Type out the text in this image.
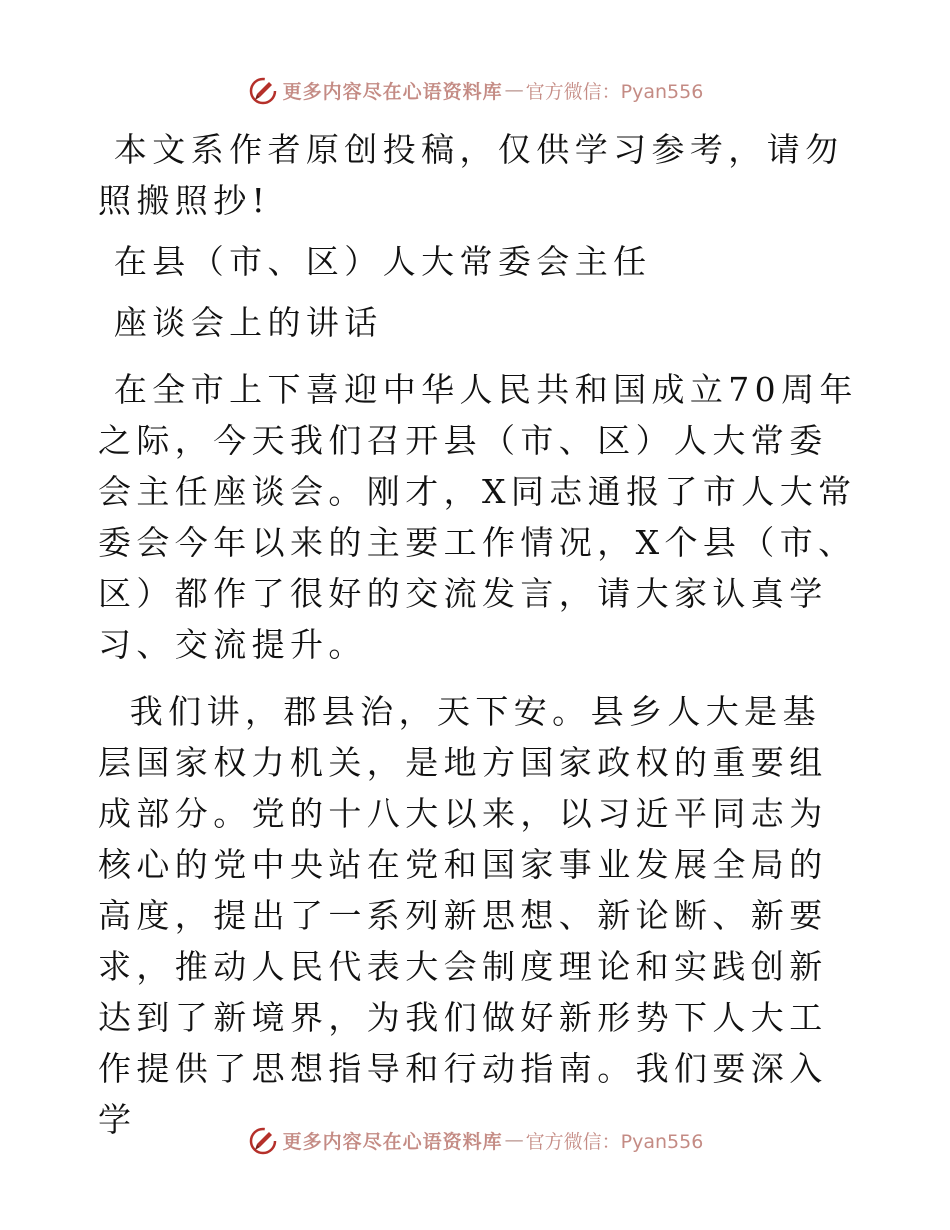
更多内容尽在心语资料库 — 官方微信：Pyan556

本文系作者原创投稿，仅供学习参考，请勿照搬照抄!

在县（市、区）人大常委会主任

座谈会上的讲话

在全市上下喜迎中华人民共和国成立70周年之际，今天我们召开县（市、区）人大常委会主任座谈会。刚才，X同志通报了市人大常委会今年以来的主要工作情况，X个县（市、区）都作了很好的交流发言，请大家认真学习、交流提升。

我们讲，郡县治，天下安。县乡人大是基层国家权力机关，是地方国家政权的重要组成部分。党的十八大以来，以习近平同志为核心的党中央站在党和国家事业发展全局的高度，提出了一系列新思想、新论断、新要求，推动人民代表大会制度理论和实践创新达到了新境界，为我们做好新形势下人大工作提供了思想指导和行动指南。我们要深入学

更多内容尽在心语资料库 — 官方微信：Pyan556
